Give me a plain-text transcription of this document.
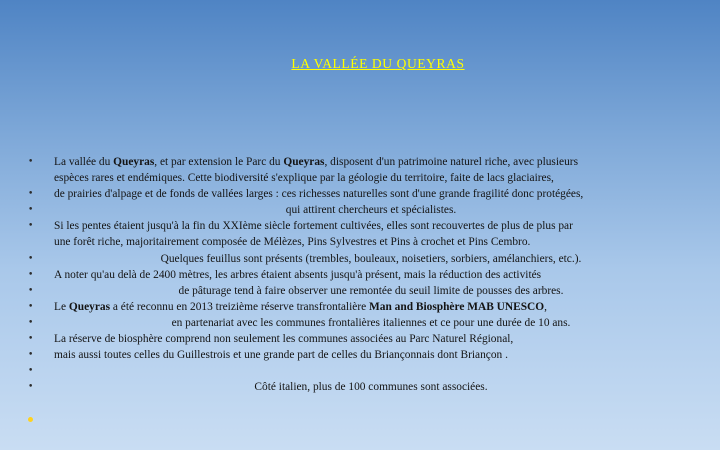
LA VALLÉE DU QUEYRAS
•
•
•
•
•
•
•
•
•
•
•
•
•
La vallée du Queyras, et par extension le Parc du Queyras, disposent d'un patrimoine naturel riche, avec plusieurs
espèces rares et endémiques. Cette biodiversité s'explique par la géologie du territoire, faite de lacs glaciaires,
de prairies d'alpage et de fonds de vallées larges : ces richesses naturelles sont d'une grande fragilité donc protégées,
qui attirent chercheurs et spécialistes.
Si les pentes étaient jusqu'à la fin du XXIème siècle fortement cultivées, elles sont recouvertes de plus de plus par
une forêt riche, majoritairement composée de Mélèzes, Pins Sylvestres et Pins à crochet et Pins Cembro.
Quelques feuillus sont présents (trembles, bouleaux, noisetiers, sorbiers, amélanchiers, etc.).
A noter qu'au delà de 2400 mètres, les arbres étaient absents jusqu'à présent, mais la réduction des activités
de pâturage tend à faire observer une remontée du seuil limite de pousses des arbres.
Le Queyras a été reconnu en 2013 treizième réserve transfrontalière Man and Biosphère MAB UNESCO,
en partenariat avec les communes frontalières italiennes et ce pour une durée de 10 ans.
La réserve de biosphère comprend non seulement les communes associées au Parc Naturel Régional,
mais aussi toutes celles du Guillestrois et une grande part de celles du Briançonnais dont Briançon .
Côté italien, plus de 100 communes sont associées.
